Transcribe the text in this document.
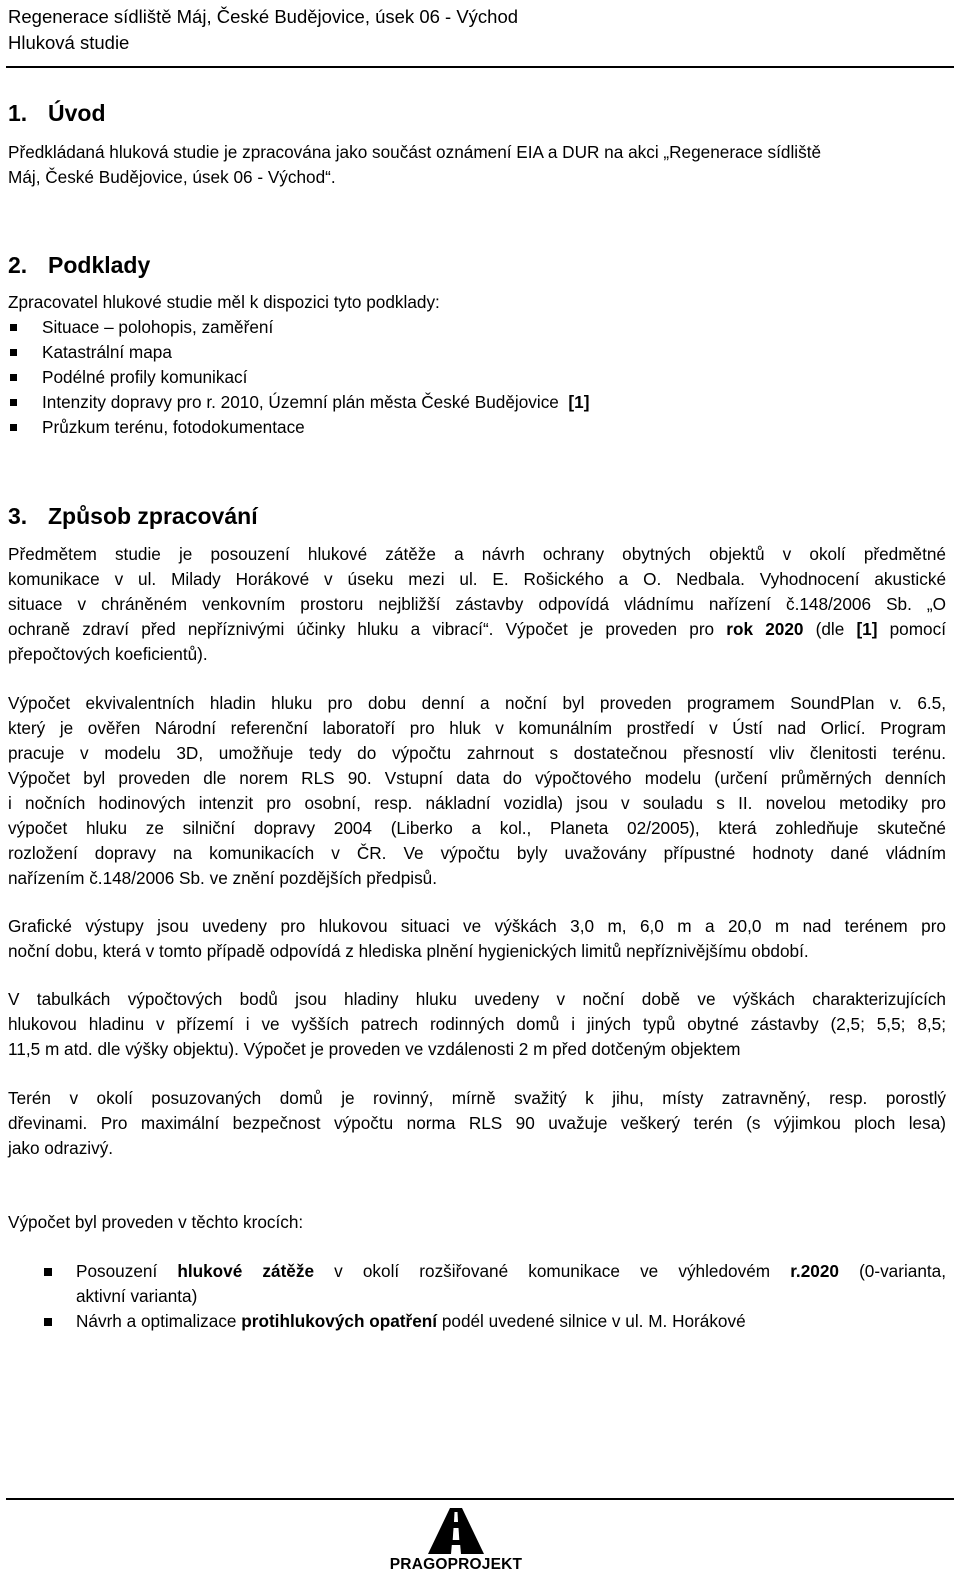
Regenerace sídliště Máj, České Budějovice, úsek 06 - Východ
Hluková studie
1. Úvod
Předkládaná hluková studie je zpracována jako součást oznámení EIA a DUR na akci „Regenerace sídliště
Máj, České Budějovice, úsek 06 - Východ“.
2. Podklady
Zpracovatel hlukové studie měl k dispozici tyto podklady:
Situace – polohopis, zaměření
Katastrální mapa
Podélné profily komunikací
Intenzity dopravy pro r. 2010, Územní plán města České Budějovice [1]
Průzkum terénu, fotodokumentace
3. Způsob zpracování
Předmětem studie je posouzení hlukové zátěže a návrh ochrany obytných objektů v okolí předmětné
komunikace v ul. Milady Horákové v úseku mezi ul. E. Rošického a O. Nedbala. Vyhodnocení akustické
situace v chráněném venkovním prostoru nejbližší zástavby odpovídá vládnímu nařízení č.148/2006 Sb. „O
ochraně zdraví před nepříznivými účinky hluku a vibrací“. Výpočet je proveden pro rok 2020 (dle [1] pomocí
přepočtových koeficientů).
Výpočet ekvivalentních hladin hluku pro dobu denní a noční byl proveden programem SoundPlan v. 6.5,
který je ověřen Národní referenční laboratoří pro hluk v komunálním prostředí v Ústí nad Orlicí. Program
pracuje v modelu 3D, umožňuje tedy do výpočtu zahrnout s dostatečnou přesností vliv členitosti terénu.
Výpočet byl proveden dle norem RLS 90. Vstupní data do výpočtového modelu (určení průměrných denních
i nočních hodinových intenzit pro osobní, resp. nákladní vozidla) jsou v souladu s II. novelou metodiky pro
výpočet hluku ze silniční dopravy 2004 (Liberko a kol., Planeta 02/2005), která zohledňuje skutečné
rozložení dopravy na komunikacích v ČR. Ve výpočtu byly uvažovány přípustné hodnoty dané vládním
nařízením č.148/2006 Sb. ve znění pozdějších předpisů.
Grafické výstupy jsou uvedeny pro hlukovou situaci ve výškách 3,0 m, 6,0 m a 20,0 m nad terénem pro
noční dobu, která v tomto případě odpovídá z hlediska plnění hygienických limitů nepříznivějšímu období.
V tabulkách výpočtových bodů jsou hladiny hluku uvedeny v noční době ve výškách charakterizujících
hlukovou hladinu v přízemí i ve vyšších patrech rodinných domů i jiných typů obytné zástavby (2,5; 5,5; 8,5;
11,5 m atd. dle výšky objektu). Výpočet je proveden ve vzdálenosti 2 m před dotčeným objektem
Terén v okolí posuzovaných domů je rovinný, mírně svažitý k jihu, místy zatravněný, resp. porostlý
dřevinami. Pro maximální bezpečnost výpočtu norma RLS 90 uvažuje veškerý terén (s výjimkou ploch lesa)
jako odrazivý.
Výpočet byl proveden v těchto krocích:
Posouzení hlukové zátěže v okolí rozšiřované komunikace ve výhledovém r.2020 (0-varianta,
aktivní varianta)
Návrh a optimalizace protihlukových opatření podél uvedené silnice v ul. M. Horákové
PRAGOPROJEKT
